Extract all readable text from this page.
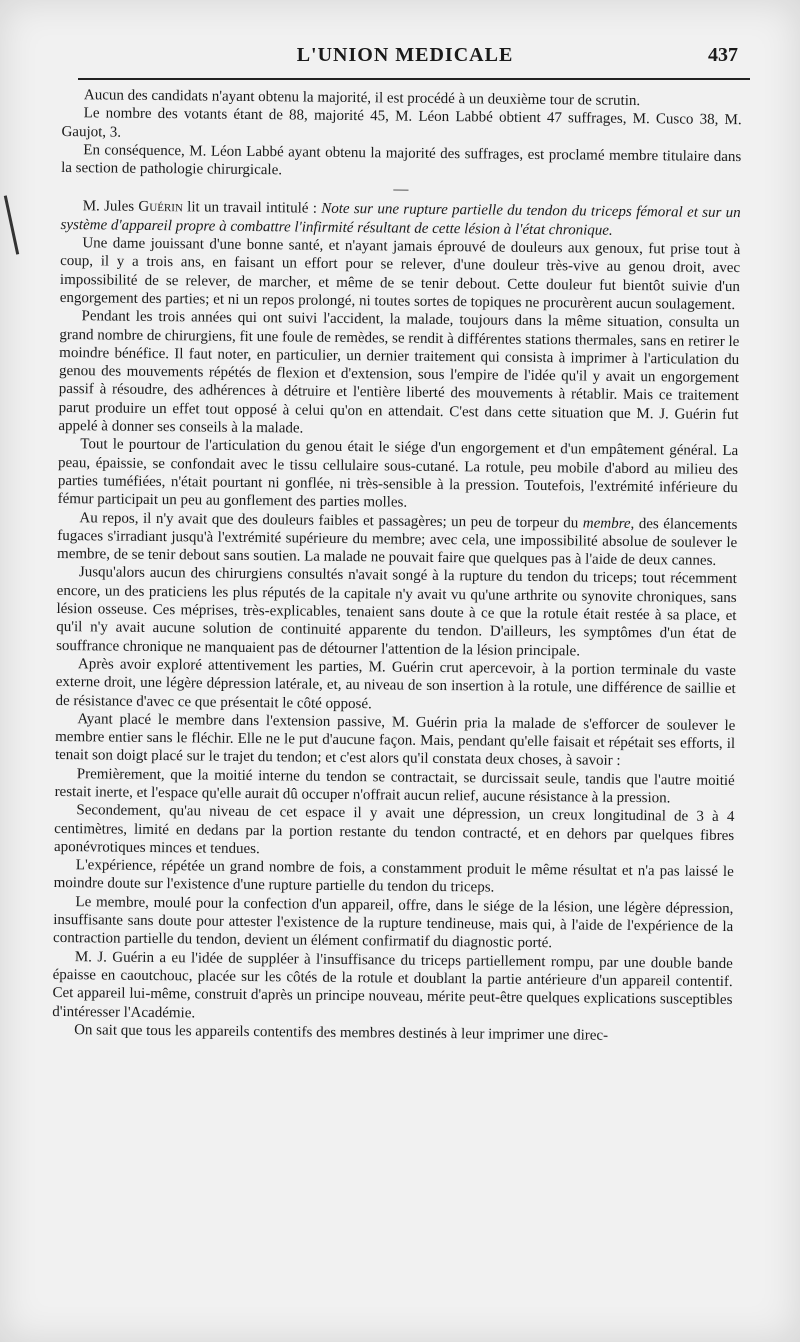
L'UNION MEDICALE	437

Aucun des candidats n'ayant obtenu la majorité, il est procédé à un deuxième tour de scrutin.

Le nombre des votants étant de 88, majorité 45, M. Léon Labbé obtient 47 suffrages, M. Cusco 38, M. Gaujot, 3.

En conséquence, M. Léon Labbé ayant obtenu la majorité des suffrages, est proclamé membre titulaire dans la section de pathologie chirurgicale.

—

M. Jules Guérin lit un travail intitulé : Note sur une rupture partielle du tendon du triceps fémoral et sur un système d'appareil propre à combattre l'infirmité résultant de cette lésion à l'état chronique.

Une dame jouissant d'une bonne santé, et n'ayant jamais éprouvé de douleurs aux genoux, fut prise tout à coup, il y a trois ans, en faisant un effort pour se relever, d'une douleur très-vive au genou droit, avec impossibilité de se relever, de marcher, et même de se tenir debout. Cette douleur fut bientôt suivie d'un engorgement des parties; et ni un repos prolongé, ni toutes sortes de topiques ne procurèrent aucun soulagement.

Pendant les trois années qui ont suivi l'accident, la malade, toujours dans la même situation, consulta un grand nombre de chirurgiens, fit une foule de remèdes, se rendit à différentes stations thermales, sans en retirer le moindre bénéfice. Il faut noter, en particulier, un dernier traitement qui consista à imprimer à l'articulation du genou des mouvements répétés de flexion et d'extension, sous l'empire de l'idée qu'il y avait un engorgement passif à résoudre, des adhérences à détruire et l'entière liberté des mouvements à rétablir. Mais ce traitement parut produire un effet tout opposé à celui qu'on en attendait. C'est dans cette situation que M. J. Guérin fut appelé à donner ses conseils à la malade.

Tout le pourtour de l'articulation du genou était le siége d'un engorgement et d'un empâtement général. La peau, épaissie, se confondait avec le tissu cellulaire sous-cutané. La rotule, peu mobile d'abord au milieu des parties tuméfiées, n'était pourtant ni gonflée, ni très-sensible à la pression. Toutefois, l'extrémité inférieure du fémur participait un peu au gonflement des parties molles.

Au repos, il n'y avait que des douleurs faibles et passagères; un peu de torpeur du membre, des élancements fugaces s'irradiant jusqu'à l'extrémité supérieure du membre; avec cela, une impossibilité absolue de soulever le membre, de se tenir debout sans soutien. La malade ne pouvait faire que quelques pas à l'aide de deux cannes.

Jusqu'alors aucun des chirurgiens consultés n'avait songé à la rupture du tendon du triceps; tout récemment encore, un des praticiens les plus réputés de la capitale n'y avait vu qu'une arthrite ou synovite chroniques, sans lésion osseuse. Ces méprises, très-explicables, tenaient sans doute à ce que la rotule était restée à sa place, et qu'il n'y avait aucune solution de continuité apparente du tendon. D'ailleurs, les symptômes d'un état de souffrance chronique ne manquaient pas de détourner l'attention de la lésion principale.

Après avoir exploré attentivement les parties, M. Guérin crut apercevoir, à la portion terminale du vaste externe droit, une légère dépression latérale, et, au niveau de son insertion à la rotule, une différence de saillie et de résistance d'avec ce que présentait le côté opposé.

Ayant placé le membre dans l'extension passive, M. Guérin pria la malade de s'efforcer de soulever le membre entier sans le fléchir. Elle ne le put d'aucune façon. Mais, pendant qu'elle faisait et répétait ses efforts, il tenait son doigt placé sur le trajet du tendon; et c'est alors qu'il constata deux choses, à savoir :

Premièrement, que la moitié interne du tendon se contractait, se durcissait seule, tandis que l'autre moitié restait inerte, et l'espace qu'elle aurait dû occuper n'offrait aucun relief, aucune résistance à la pression.

Secondement, qu'au niveau de cet espace il y avait une dépression, un creux longitudinal de 3 à 4 centimètres, limité en dedans par la portion restante du tendon contracté, et en dehors par quelques fibres aponévrotiques minces et tendues.

L'expérience, répétée un grand nombre de fois, a constamment produit le même résultat et n'a pas laissé le moindre doute sur l'existence d'une rupture partielle du tendon du triceps.

Le membre, moulé pour la confection d'un appareil, offre, dans le siége de la lésion, une légère dépression, insuffisante sans doute pour attester l'existence de la rupture tendineuse, mais qui, à l'aide de l'expérience de la contraction partielle du tendon, devient un élément confirmatif du diagnostic porté.

M. J. Guérin a eu l'idée de suppléer à l'insuffisance du triceps partiellement rompu, par une double bande épaisse en caoutchouc, placée sur les côtés de la rotule et doublant la partie antérieure d'un appareil contentif. Cet appareil lui-même, construit d'après un principe nouveau, mérite peut-être quelques explications susceptibles d'intéresser l'Académie.

On sait que tous les appareils contentifs des membres destinés à leur imprimer une direc-
